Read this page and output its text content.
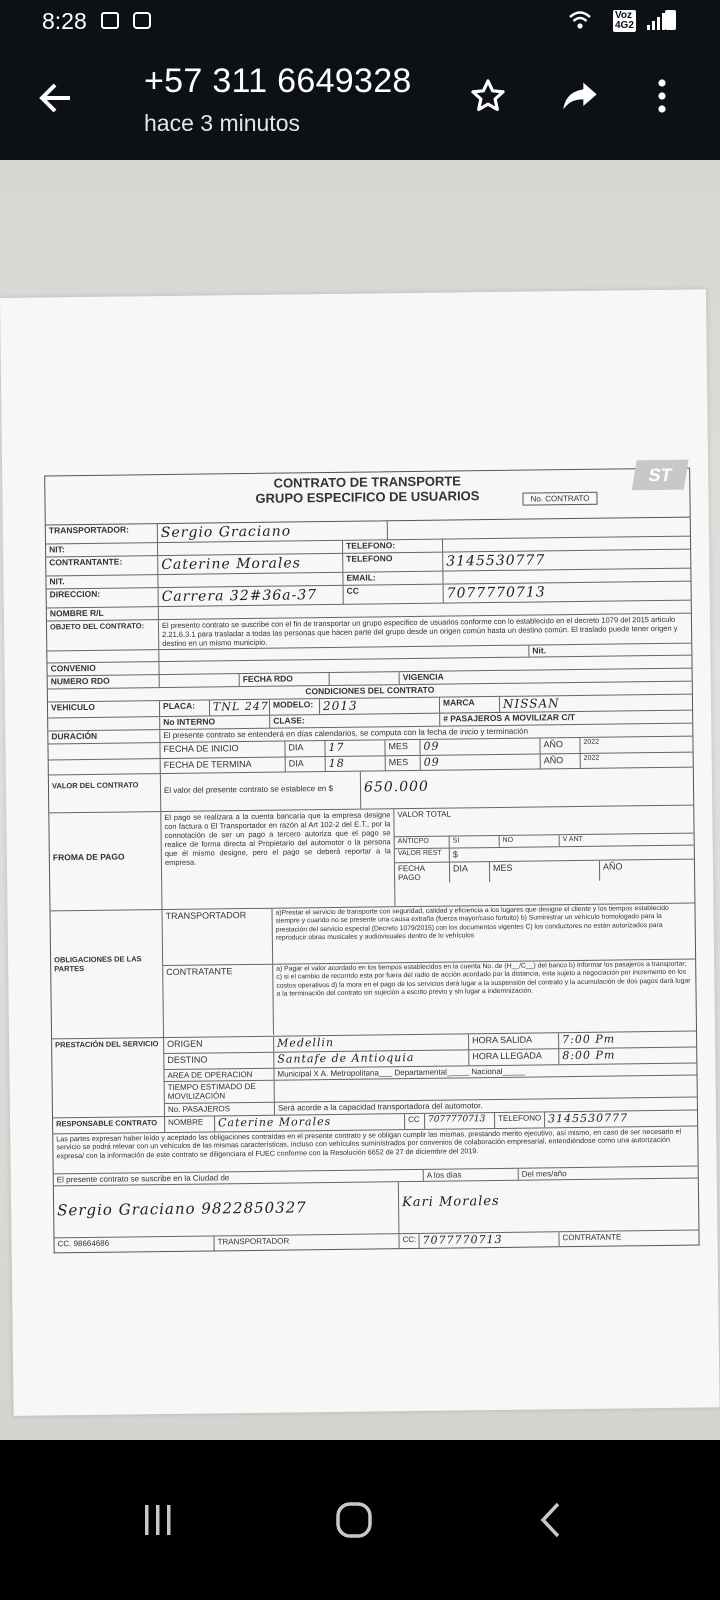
8:28	Voz
4G2
+57 311 6649328
hace 3 minutos
ST
CONTRATO DE TRANSPORTE
GRUPO ESPECIFICO DE USUARIOS	No. CONTRATO
TRANSPORTADOR:	Sergio Graciano
NIT:	TELEFONO:
CONTRANTANTE:	Caterine Morales	TELEFONO	3145530777
NIT.	EMAIL:
DIRECCION:	Carrera 32#36a-37	CC	7077770713
NOMBRE R/L
OBJETO DEL CONTRATO:	El presento contrato se suscribe con el fin de transportar un grupo específico de usuarios conforme con lo establecido en el decreto 1079 del 2015 articulo 2.21.6.3.1 para trasladar a todas las personas que hacen parte del grupo desde un origen común hasta un destino común. El traslado puede tener origen y destino en un mismo municipio.
Nit.
CONVENIO
NUMERO RDO	FECHA RDO	VIGENCIA
CONDICIONES DEL CONTRATO
VEHICULO	PLACA:	TNL 247 MODELO: 2013	MARCA	NISSAN
No INTERNO	CLASE:	# PASAJEROS A MOVILIZAR C/T
DURACIÓN	El presente contrato se entenderá en días calendarios, se computa con la fecha de inicio y terminación
FECHA DE INICIO	DIA	17	MES	09	AÑO	2022
FECHA DE TERMINA	DIA	18	MES	09	AÑO	2022
VALOR DEL CONTRATO	El valor del presente contrato se establece en $	650.000
FROMA DE PAGO
El pago se realizara a la cuenta bancaria que la empresa designe con factura o El Transportador en razón al Art 102-2 del E.T., por la connotación de ser un pago a tercero autoriza que el pago se realice de forma directa al Propietario del automotor o la persona que él mismo designe, pero el pago se deberá reportar a la empresa.
VALOR TOTAL
ANTICPO	SI	NO	V ANT
VALOR REST	$
FECHA PAGO
DIA	MES	AÑO
OBLIGACIONES DE LAS PARTES
TRANSPORTADOR	a)Prestar el servicio de transporte con seguridad, calidad y eficiencia a los lugares que designe el cliente y los tiempos establecido siempre y cuando no se presente una causa extraña (fuerza mayor/caso fortuito) b) Suministrar un vehículo homologado para la prestación del servicio especial (Decreto 1079/2015) con los documentos vigentes C) los conductores no están autorizados para reproducir obras musicales y audiovisuales dentro de lo vehículos
CONTRATANTE	a) Pagar el valor acordado en los tiempos establecidos en la cuenta No. de (H__/C__) del banco b) Informar los pasajeros a transportar; c) si el cambio de recorrido esta por fuera del radio de acción acordado por la distancia, esta sujeto a negociación por incremento en los costos operativos d) la mora en el pago de los servicios dará lugar a la suspensión del contrato y la acumulación de dos pagos dará lugar a la terminación del contrato sin sujeción a escrito previo y sin lugar a indemnización.
PRESTACIÓN DEL SERVICIO ORIGEN	Medellin	HORA SALIDA	7:00 Pm
DESTINO	Santafe de Antioquia	HORA LLEGADA	8:00 Pm
AREA DE OPERACION	Municipal X A. Metropolitana___ Departamental_____ Nacional_____
TIEMPO ESTIMADO DE MOVILIZACIÓN
No. PASAJEROS	Será acorde a la capacidad transportadora del automotor.
RESPONSABLE CONTRATO	NOMBRE	Caterine Morales	CC 7077770713	TELEFONO 3145530777
Las partes expresan haber leído y aceptado las obligaciones contraídas en el presente contrato y se obligan cumplir las mismas, prestando merito ejecutivo, así mismo, en caso de ser necesario el servicio se podrá relevar con un vehículos de las mismas características, incluso con vehículos suministrados por convenios de colaboración empresarial, entendiéndose como una autorización expresa/ con la información de este contrato se diligenciara el FUEC conforme con la Resolución 6652 de 27 de diciembre del 2019.
El presente contrato se suscribe en la Ciudad de	A los días	Del mes/año
Sergio Graciano 9822850327	Kari Morales
CC. 98664686	TRANSPORTADOR	CC: 7077770713	CONTRATANTE
